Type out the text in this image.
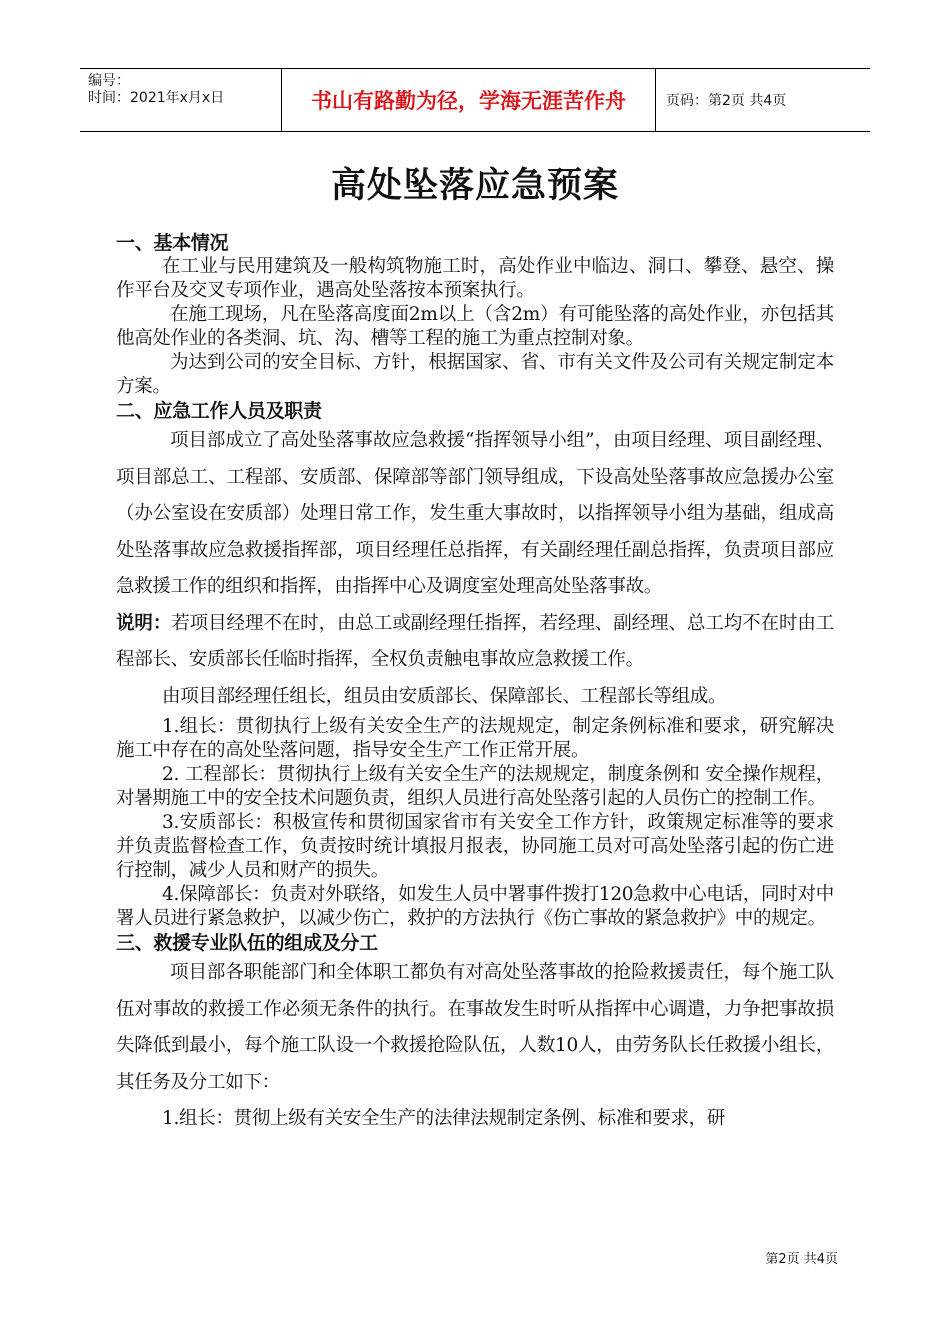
编号：
时间：2021年x月x日	书山有路勤为径，学海无涯苦作舟	页码：第2页 共4页
高处坠落应急预案

一、基本情况

在工业与民用建筑及一般构筑物施工时，高处作业中临边、洞口、攀登、悬空、操作平台及交叉专项作业，遇高处坠落按本预案执行。

在施工现场，凡在坠落高度面2m以上（含2m）有可能坠落的高处作业，亦包括其他高处作业的各类洞、坑、沟、槽等工程的施工为重点控制对象。

为达到公司的安全目标、方针，根据国家、省、市有关文件及公司有关规定制定本方案。

二、应急工作人员及职责

项目部成立了高处坠落事故应急救援“指挥领导小组”，由项目经理、项目副经理、项目部总工、工程部、安质部、保障部等部门领导组成，下设高处坠落事故应急援办公室（办公室设在安质部）处理日常工作，发生重大事故时，以指挥领导小组为基础，组成高处坠落事故应急救援指挥部，项目经理任总指挥，有关副经理任副总指挥，负责项目部应急救援工作的组织和指挥，由指挥中心及调度室处理高处坠落事故。

说明：若项目经理不在时，由总工或副经理任指挥，若经理、副经理、总工均不在时由工程部长、安质部长任临时指挥，全权负责触电事故应急救援工作。

由项目部经理任组长，组员由安质部长、保障部长、工程部长等组成。

1.组长：贯彻执行上级有关安全生产的法规规定，制定条例标准和要求，研究解决施工中存在的高处坠落问题，指导安全生产工作正常开展。

2. 工程部长：贯彻执行上级有关安全生产的法规规定，制度条例和 安全操作规程，对暑期施工中的安全技术问题负责，组织人员进行高处坠落引起的人员伤亡的控制工作。

3.安质部长：积极宣传和贯彻国家省市有关安全工作方针，政策规定标准等的要求并负责监督检查工作，负责按时统计填报月报表，协同施工员对可高处坠落引起的伤亡进行控制，减少人员和财产的损失。

4.保障部长：负责对外联络，如发生人员中署事件拨打120急救中心电话，同时对中署人员进行紧急救护，以减少伤亡，救护的方法执行《伤亡事故的紧急救护》中的规定。

三、救援专业队伍的组成及分工

项目部各职能部门和全体职工都负有对高处坠落事故的抢险救援责任，每个施工队伍对事故的救援工作必须无条件的执行。在事故发生时听从指挥中心调遣，力争把事故损失降低到最小，每个施工队设一个救援抢险队伍，人数10人，由劳务队长任救援小组长，其任务及分工如下：

1.组长：贯彻上级有关安全生产的法律法规制定条例、标准和要求，研

第2页 共4页
